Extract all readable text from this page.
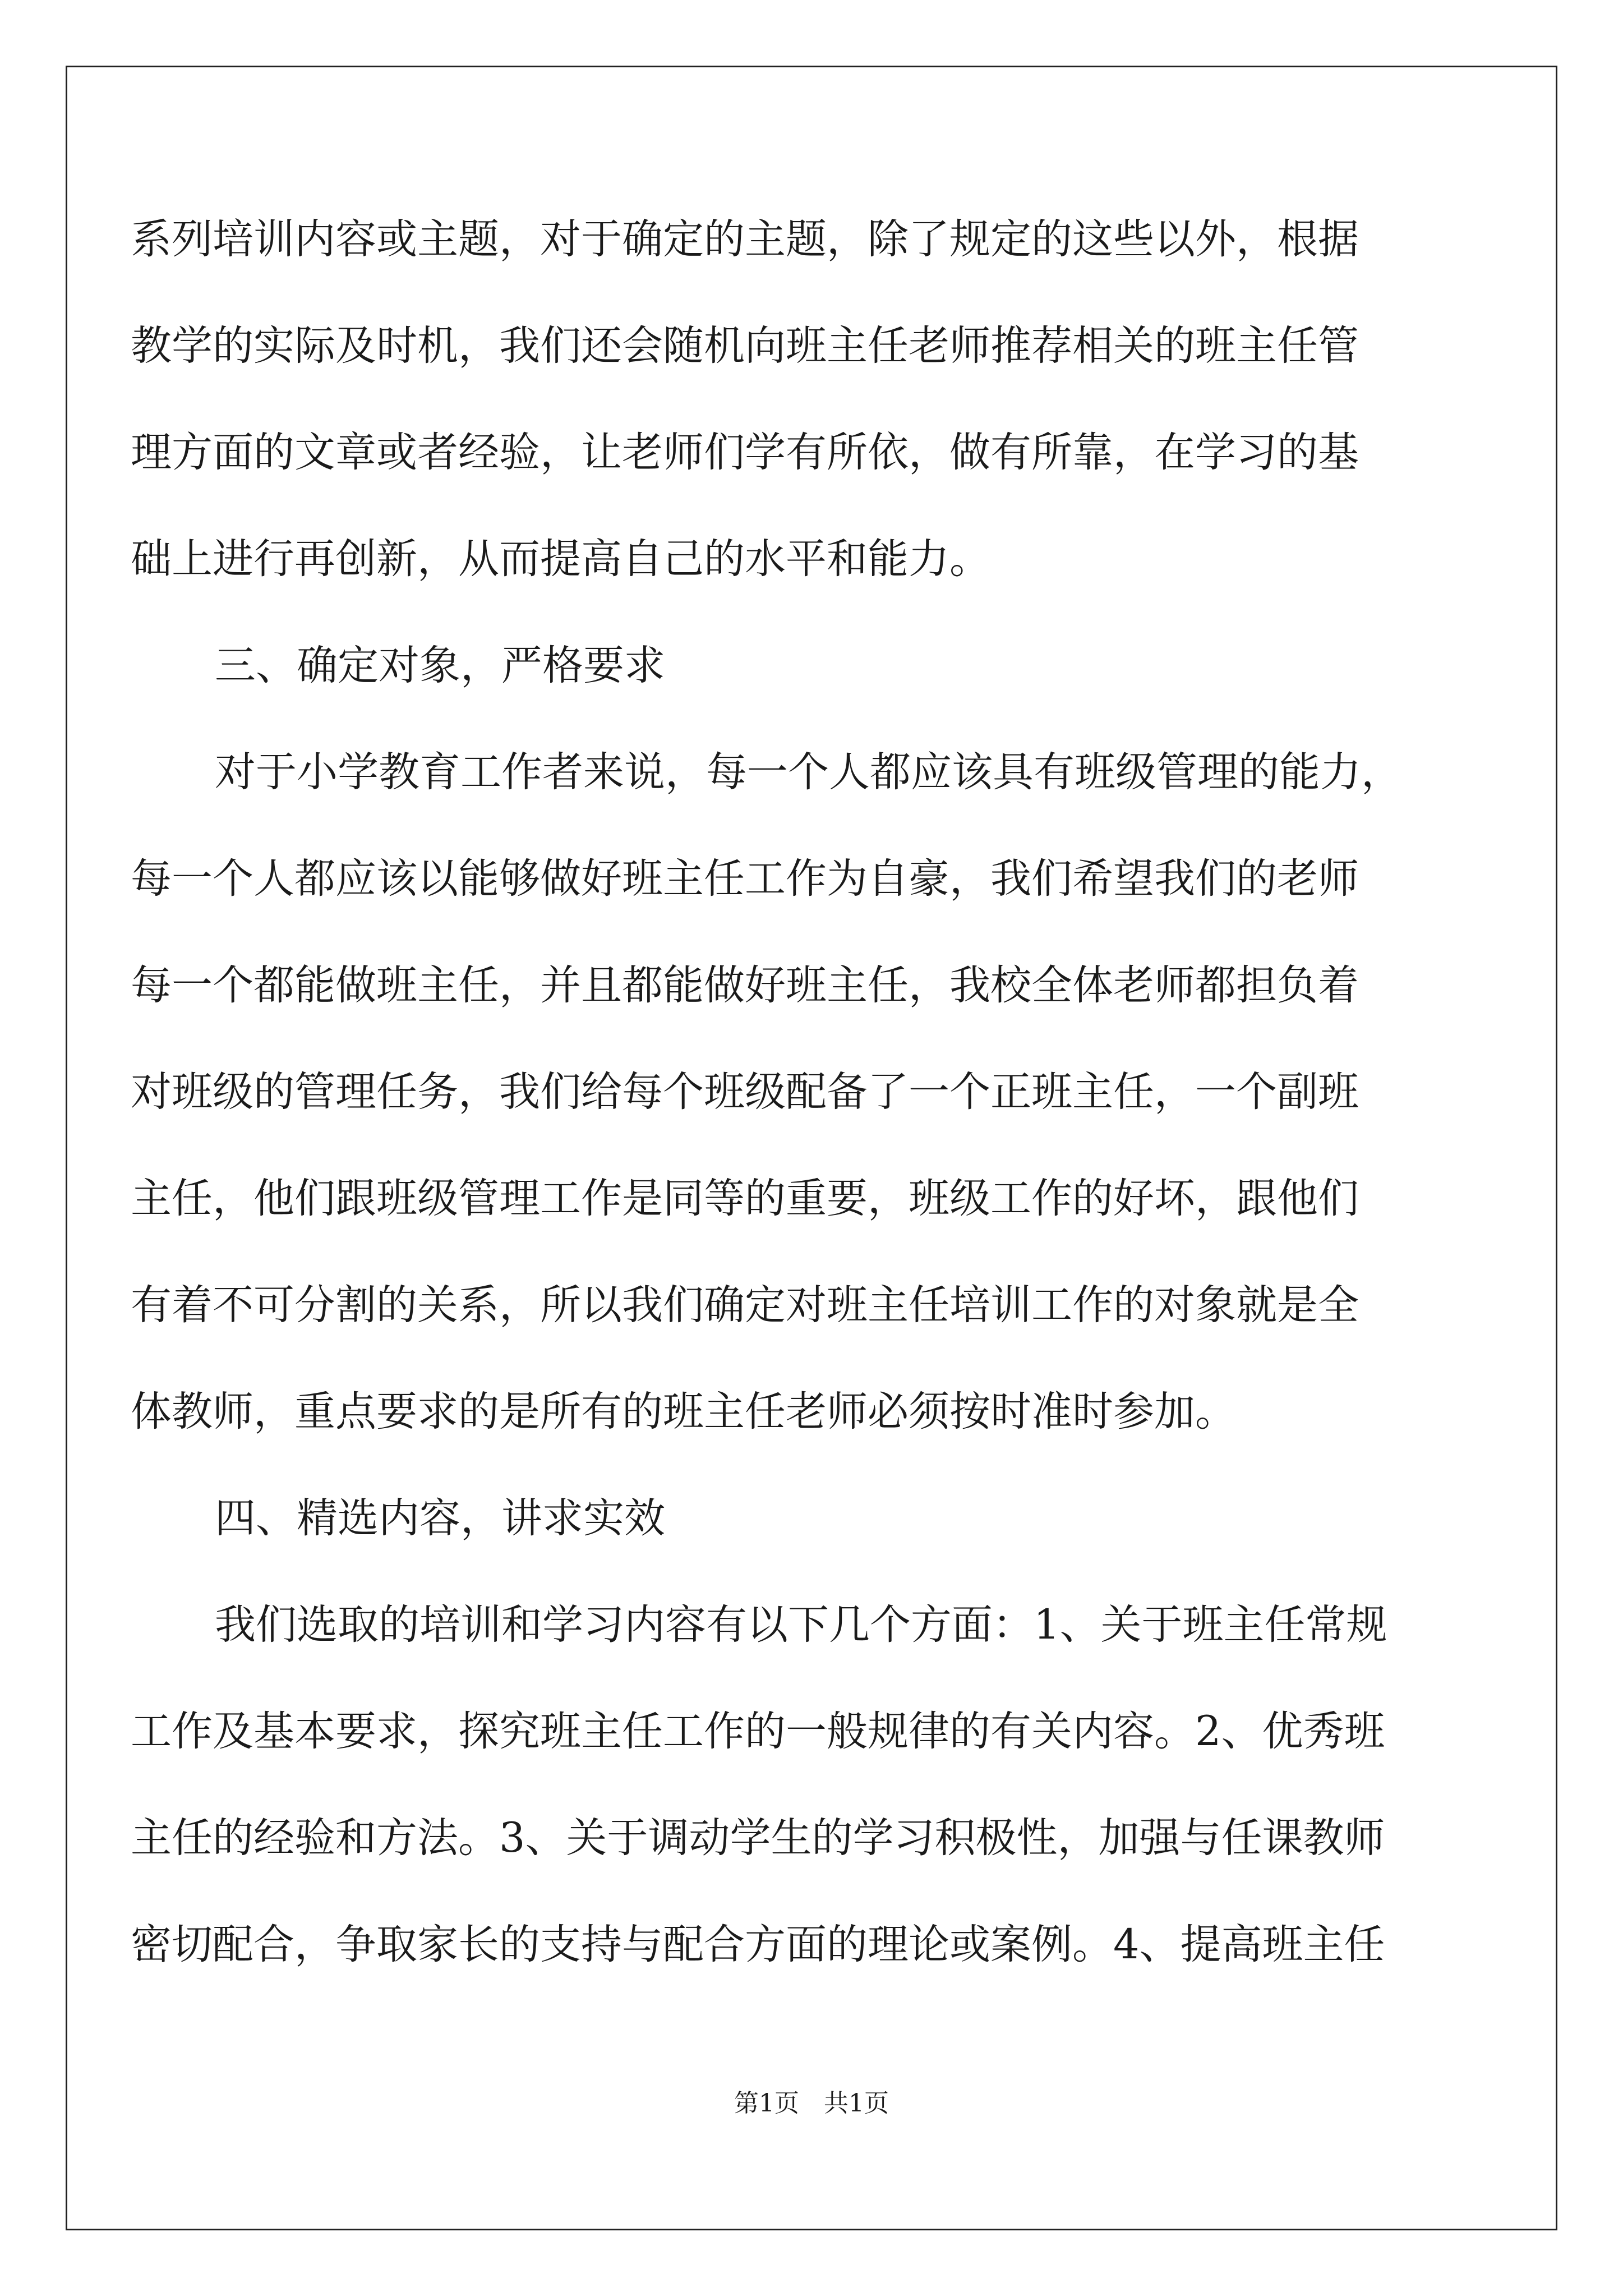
系列培训内容或主题，对于确定的主题，除了规定的这些以外，根据
教学的实际及时机，我们还会随机向班主任老师推荐相关的班主任管
理方面的文章或者经验，让老师们学有所依，做有所靠，在学习的基
础上进行再创新，从而提高自己的水平和能力。
三、确定对象，严格要求
对于小学教育工作者来说，每一个人都应该具有班级管理的能力，
每一个人都应该以能够做好班主任工作为自豪，我们希望我们的老师
每一个都能做班主任，并且都能做好班主任，我校全体老师都担负着
对班级的管理任务，我们给每个班级配备了一个正班主任，一个副班
主任，他们跟班级管理工作是同等的重要，班级工作的好坏，跟他们
有着不可分割的关系，所以我们确定对班主任培训工作的对象就是全
体教师，重点要求的是所有的班主任老师必须按时准时参加。
四、精选内容，讲求实效
我们选取的培训和学习内容有以下几个方面：1、关于班主任常规
工作及基本要求，探究班主任工作的一般规律的有关内容。2、优秀班
主任的经验和方法。3、关于调动学生的学习积极性，加强与任课教师
密切配合，争取家长的支持与配合方面的理论或案例。4、提高班主任
第1页　共1页
